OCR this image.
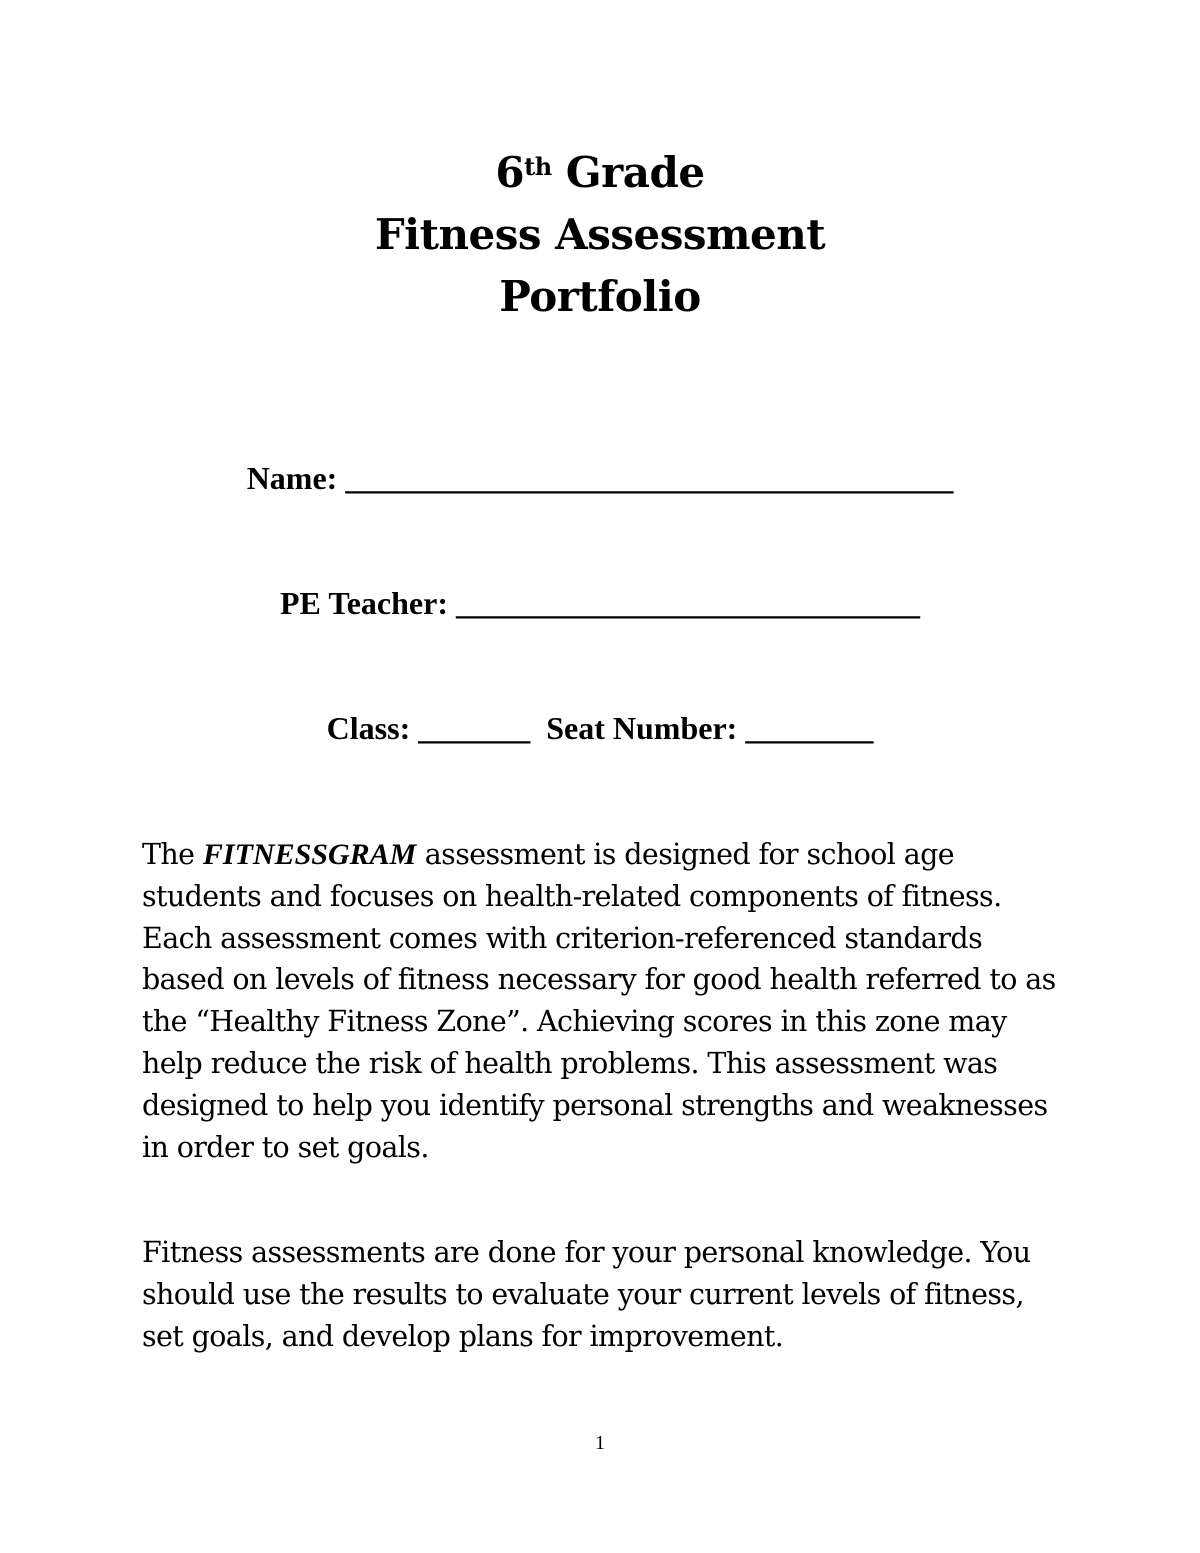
6th Grade
Fitness Assessment
Portfolio
Name: ______________________________________
PE Teacher: _____________________________
Class: _______ Seat Number: ________
The FITNESSGRAM assessment is designed for school age
students and focuses on health-related components of fitness.
Each assessment comes with criterion-referenced standards
based on levels of fitness necessary for good health referred to as
the “Healthy Fitness Zone”. Achieving scores in this zone may
help reduce the risk of health problems. This assessment was
designed to help you identify personal strengths and weaknesses
in order to set goals.
Fitness assessments are done for your personal knowledge. You
should use the results to evaluate your current levels of fitness,
set goals, and develop plans for improvement.
1
